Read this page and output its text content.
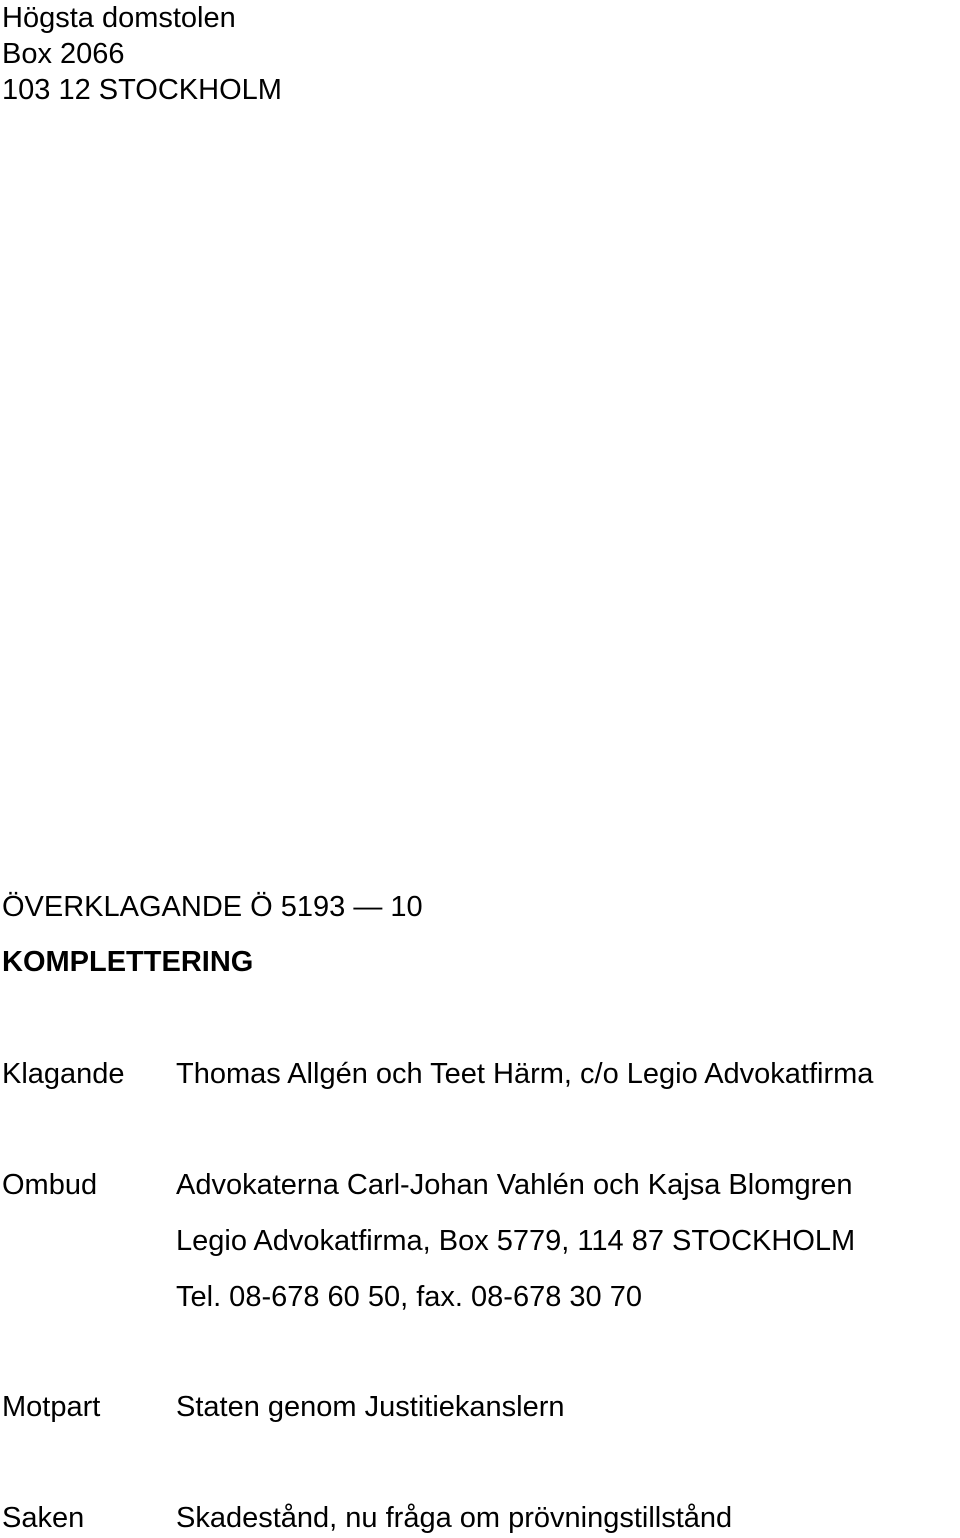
Högsta domstolen
Box 2066
103 12 STOCKHOLM
ÖVERKLAGANDE Ö 5193 — 10
KOMPLETTERING
Klagande Thomas Allgén och Teet Härm, c/o Legio Advokatfirma
Ombud	Advokaterna Carl-Johan Vahlén och Kajsa Blomgren
Legio Advokatfirma, Box 5779, 114 87 STOCKHOLM
Tel. 08-678 60 50, fax. 08-678 30 70
Motpart	Staten genom Justitiekanslern
Saken	Skadestånd, nu fråga om prövningstillstånd
